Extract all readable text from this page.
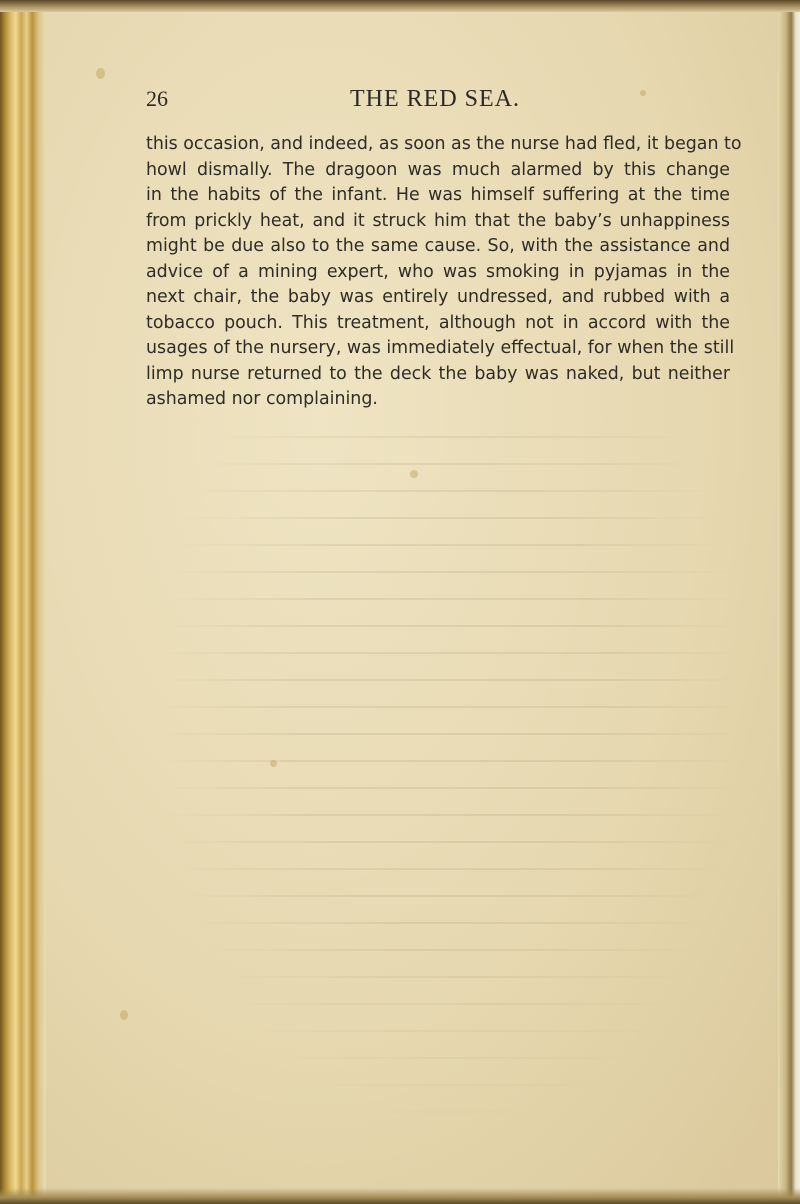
26	THE RED SEA.

this occasion, and indeed, as soon as the nurse had fled, it began to
howl dismally. The dragoon was much alarmed by this change
in the habits of the infant. He was himself suffering at the time
from prickly heat, and it struck him that the baby’s unhappiness
might be due also to the same cause. So, with the assistance and
advice of a mining expert, who was smoking in pyjamas in the
next chair, the baby was entirely undressed, and rubbed with a
tobacco pouch. This treatment, although not in accord with the
usages of the nursery, was immediately effectual, for when the still
limp nurse returned to the deck the baby was naked, but neither
ashamed nor complaining.
